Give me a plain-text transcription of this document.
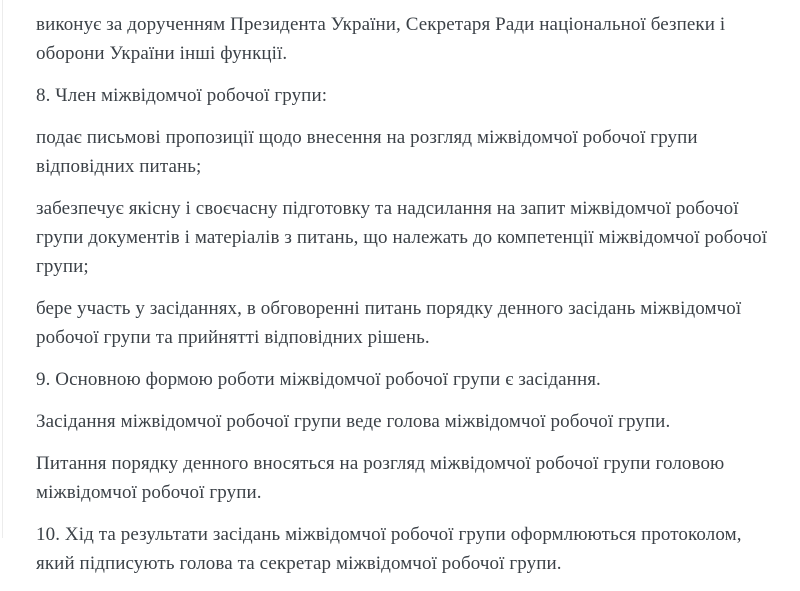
виконує за дорученням Президента України, Секретаря Ради національної безпеки і оборони України інші функції.

8. Член міжвідомчої робочої групи:

подає письмові пропозиції щодо внесення на розгляд міжвідомчої робочої групи відповідних питань;

забезпечує якісну і своєчасну підготовку та надсилання на запит міжвідомчої робочої групи документів і матеріалів з питань, що належать до компетенції міжвідомчої робочої групи;

бере участь у засіданнях, в обговоренні питань порядку денного засідань міжвідомчої робочої групи та прийнятті відповідних рішень.

9. Основною формою роботи міжвідомчої робочої групи є засідання.

Засідання міжвідомчої робочої групи веде голова міжвідомчої робочої групи.

Питання порядку денного вносяться на розгляд міжвідомчої робочої групи головою міжвідомчої робочої групи.

10. Хід та результати засідань міжвідомчої робочої групи оформлюються протоколом, який підписують голова та секретар міжвідомчої робочої групи.
